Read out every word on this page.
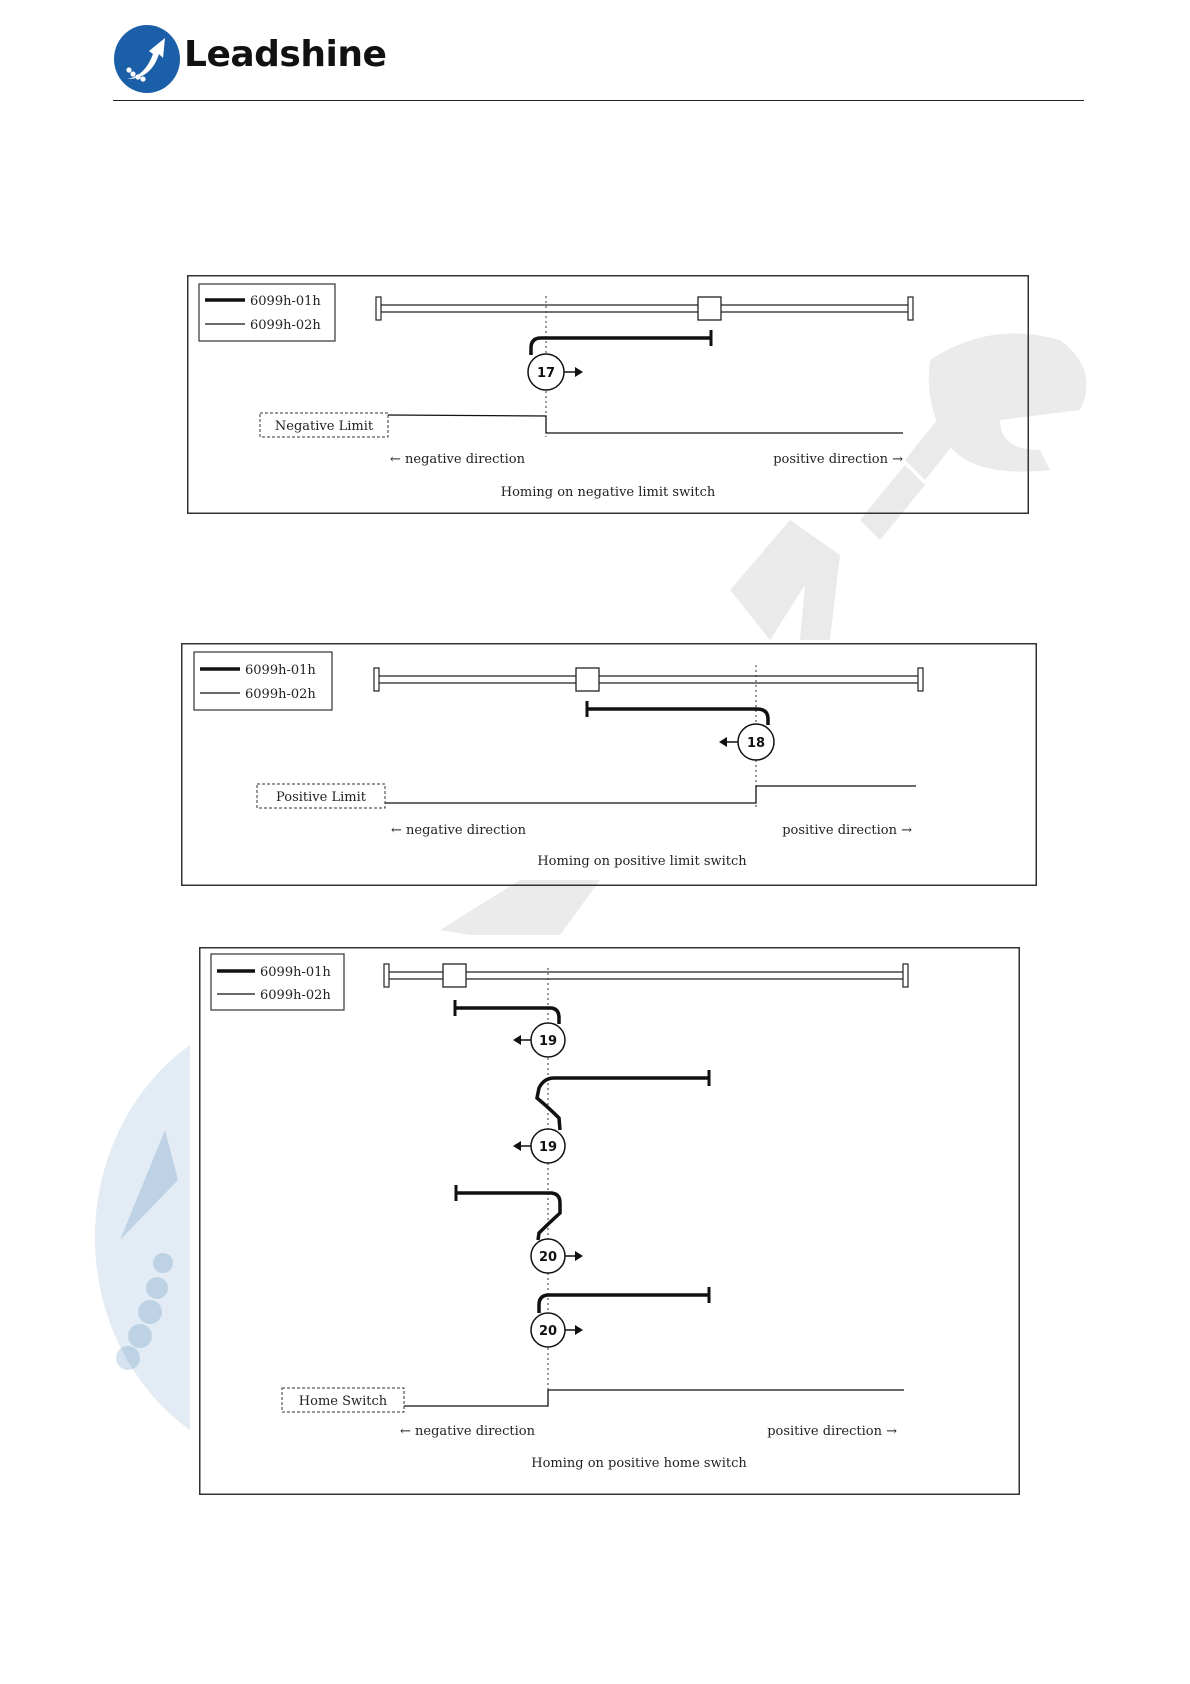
Leadshine
6099h-01h
6099h-02h
17
Negative Limit
← negative direction	positive direction →
Homing on negative limit switch
6099h-01h
6099h-02h
18
Positive Limit
← negative direction	positive direction →
Homing on positive limit switch
6099h-01h
6099h-02h
19
19
20
20
Home Switch
← negative direction	positive direction →
Homing on positive home switch
